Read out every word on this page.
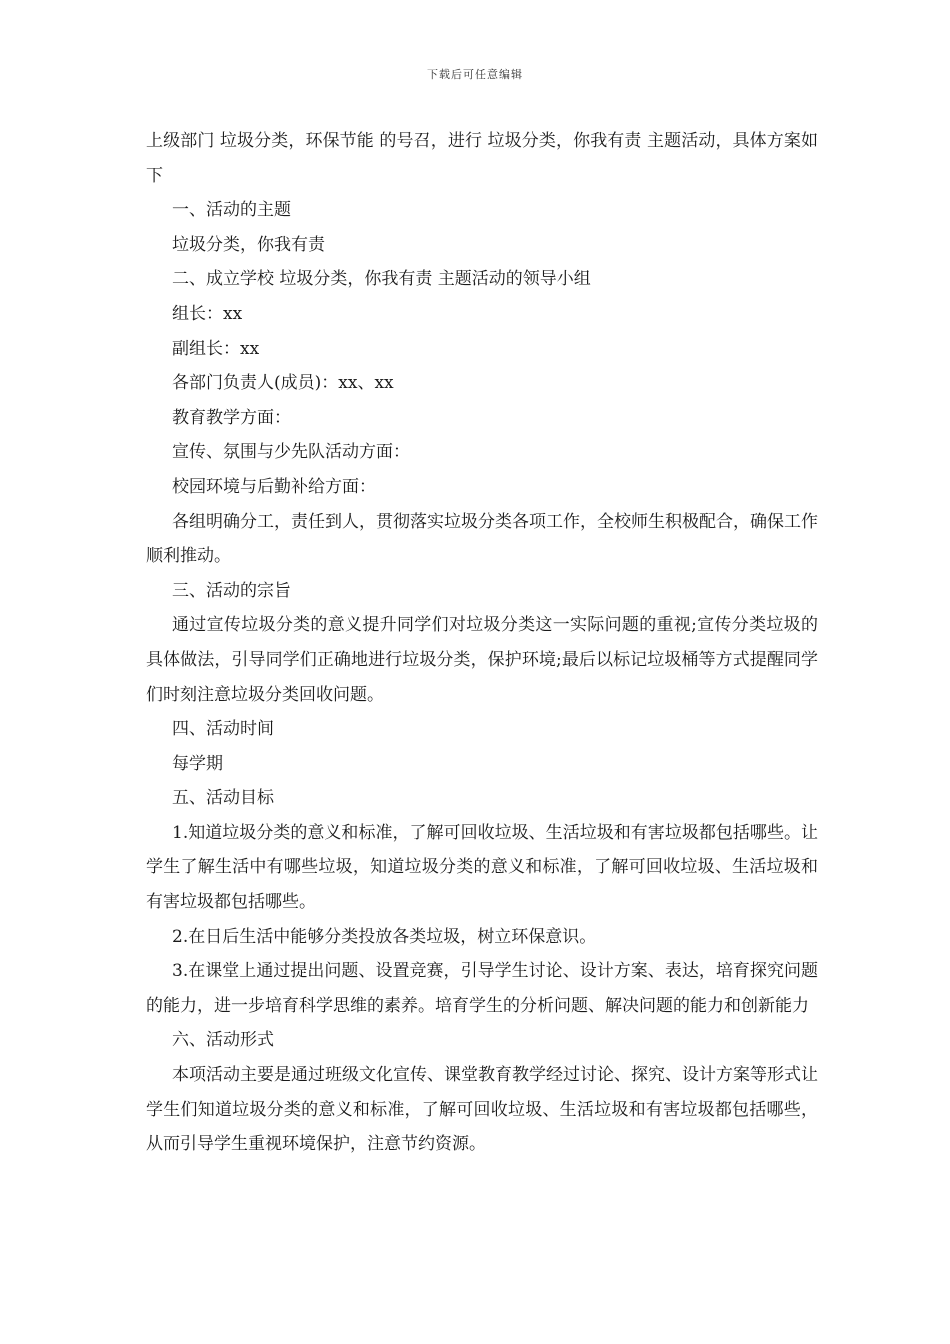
下载后可任意编辑

上级部门 垃圾分类，环保节能 的号召，进行 垃圾分类，你我有责 主题活动，具体方案如下

一、活动的主题

垃圾分类，你我有责

二、成立学校 垃圾分类，你我有责 主题活动的领导小组

组长：xx

副组长：xx

各部门负责人(成员)：xx、xx

教育教学方面：

宣传、氛围与少先队活动方面：

校园环境与后勤补给方面：

各组明确分工，责任到人，贯彻落实垃圾分类各项工作，全校师生积极配合，确保工作顺利推动。

三、活动的宗旨

通过宣传垃圾分类的意义提升同学们对垃圾分类这一实际问题的重视;宣传分类垃圾的具体做法，引导同学们正确地进行垃圾分类，保护环境;最后以标记垃圾桶等方式提醒同学们时刻注意垃圾分类回收问题。

四、活动时间

每学期

五、活动目标

1.知道垃圾分类的意义和标准，了解可回收垃圾、生活垃圾和有害垃圾都包括哪些。让学生了解生活中有哪些垃圾，知道垃圾分类的意义和标准，了解可回收垃圾、生活垃圾和有害垃圾都包括哪些。

2.在日后生活中能够分类投放各类垃圾，树立环保意识。

3.在课堂上通过提出问题、设置竞赛，引导学生讨论、设计方案、表达，培育探究问题的能力，进一步培育科学思维的素养。培育学生的分析问题、解决问题的能力和创新能力

六、活动形式

本项活动主要是通过班级文化宣传、课堂教育教学经过讨论、探究、设计方案等形式让学生们知道垃圾分类的意义和标准，了解可回收垃圾、生活垃圾和有害垃圾都包括哪些，从而引导学生重视环境保护，注意节约资源。
